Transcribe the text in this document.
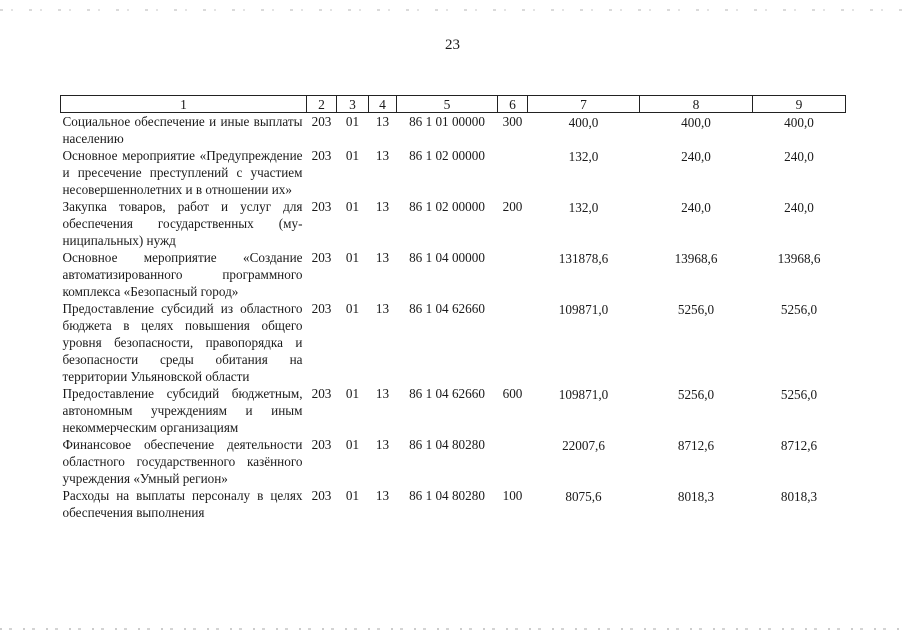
23
1	2	3	4	5	6	7	8	9
Социальное обеспечение и иные выплаты населению	203	01	13	86 1 01 00000	300	400,0	400,0	400,0
Основное мероприятие «Предупреждение и пресечение преступлений с участием несовершеннолетних и в отношении их»	203	01	13	86 1 02 00000		132,0	240,0	240,0
Закупка товаров, работ и услуг для обеспечения государственных (муниципальных) нужд	203	01	13	86 1 02 00000	200	132,0	240,0	240,0
Основное мероприятие «Создание автоматизированного программного комплекса «Безопасный город»	203	01	13	86 1 04 00000		131878,6	13968,6	13968,6
Предоставление субсидий из областного бюджета в целях повышения общего уровня безопасности, правопорядка и безопасности среды обитания на территории Ульяновской области	203	01	13	86 1 04 62660		109871,0	5256,0	5256,0
Предоставление субсидий бюджетным, автономным учреждениям и иным некоммерческим организациям	203	01	13	86 1 04 62660	600	109871,0	5256,0	5256,0
Финансовое обеспечение деятельности областного государственного казённого учреждения «Умный регион»	203	01	13	86 1 04 80280		22007,6	8712,6	8712,6
Расходы на выплаты персоналу в целях обеспечения выполнения	203	01	13	86 1 04 80280	100	8075,6	8018,3	8018,3
